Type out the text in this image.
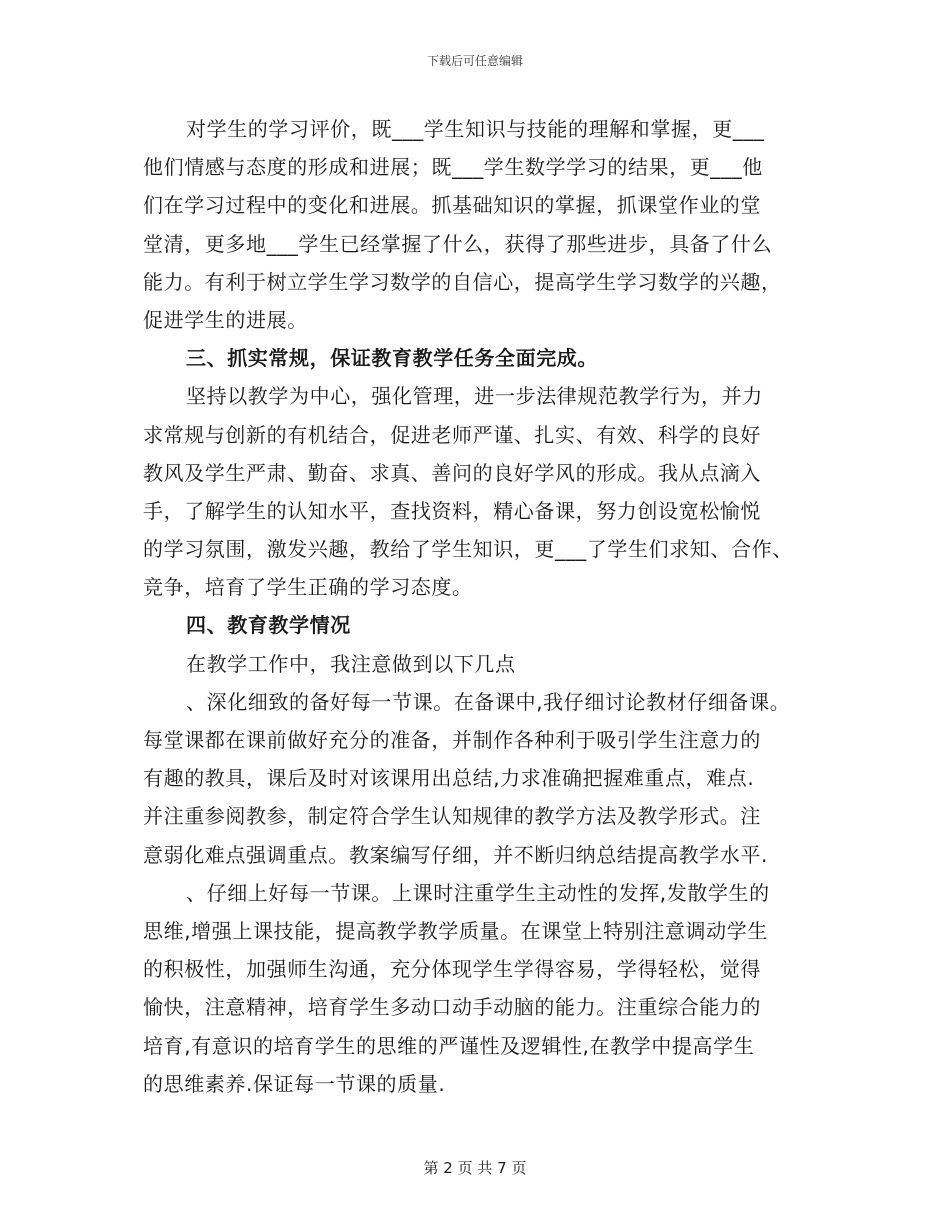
下载后可任意编辑
对学生的学习评价，既___学生知识与技能的理解和掌握，更___
他们情感与态度的形成和进展；既___学生数学学习的结果，更___他
们在学习过程中的变化和进展。抓基础知识的掌握，抓课堂作业的堂
堂清，更多地___学生已经掌握了什么，获得了那些进步，具备了什么
能力。有利于树立学生学习数学的自信心，提高学生学习数学的兴趣，
促进学生的进展。
三、抓实常规，保证教育教学任务全面完成。
坚持以教学为中心，强化管理，进一步法律规范教学行为，并力
求常规与创新的有机结合，促进老师严谨、扎实、有效、科学的良好
教风及学生严肃、勤奋、求真、善问的良好学风的形成。我从点滴入
手，了解学生的认知水平，查找资料，精心备课，努力创设宽松愉悦
的学习氛围，激发兴趣，教给了学生知识，更___了学生们求知、合作、
竞争，培育了学生正确的学习态度。
四、教育教学情况
在教学工作中，我注意做到以下几点
、深化细致的备好每一节课。在备课中,我仔细讨论教材仔细备课。
每堂课都在课前做好充分的准备，并制作各种利于吸引学生注意力的
有趣的教具，课后及时对该课用出总结,力求准确把握难重点，难点.
并注重参阅教参，制定符合学生认知规律的教学方法及教学形式。注
意弱化难点强调重点。教案编写仔细，并不断归纳总结提高教学水平.
、仔细上好每一节课。上课时注重学生主动性的发挥,发散学生的
思维,增强上课技能，提高教学教学质量。在课堂上特别注意调动学生
的积极性，加强师生沟通，充分体现学生学得容易，学得轻松，觉得
愉快，注意精神，培育学生多动口动手动脑的能力。注重综合能力的
培育,有意识的培育学生的思维的严谨性及逻辑性,在教学中提高学生
的思维素养.保证每一节课的质量.
第 2 页 共 7 页
